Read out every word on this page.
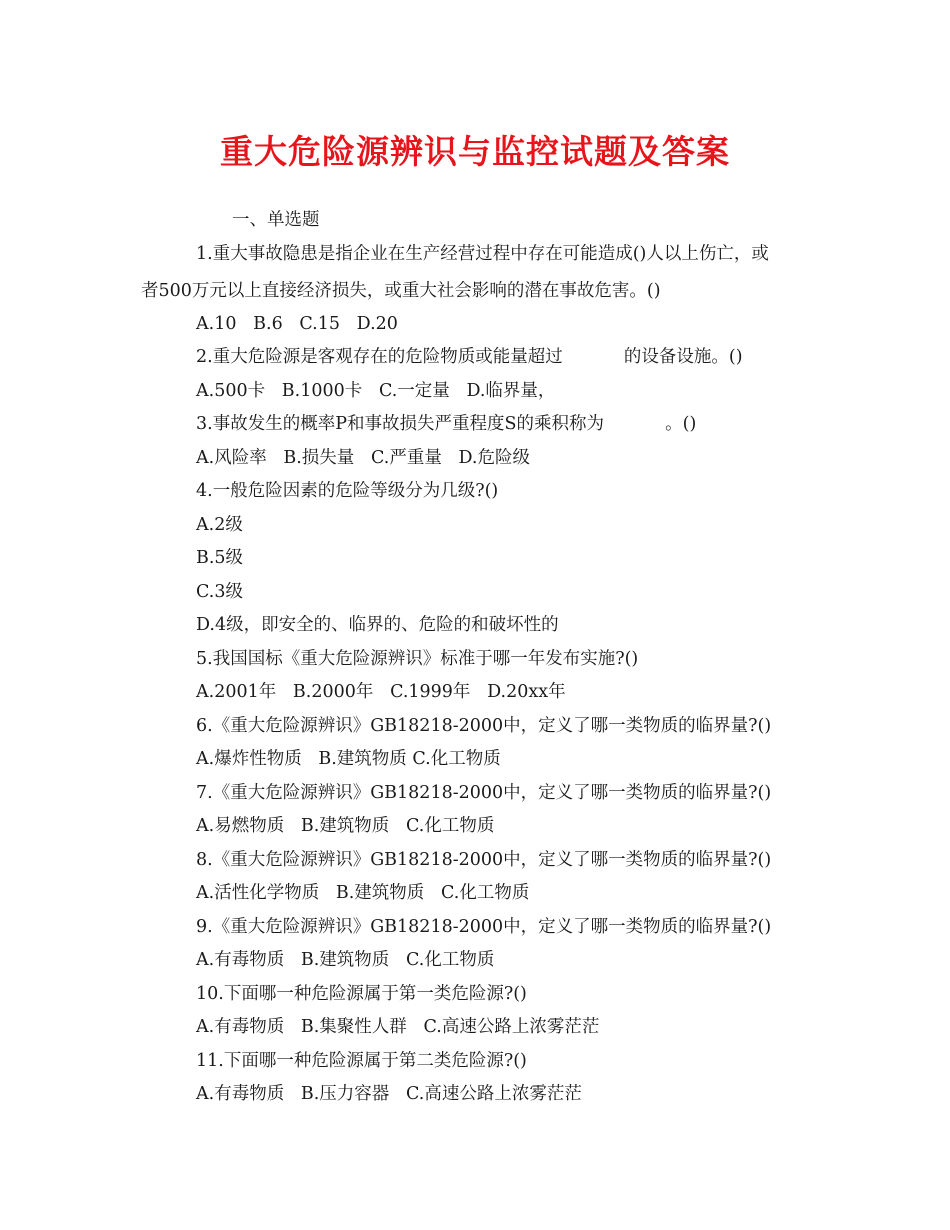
重大危险源辨识与监控试题及答案
一、单选题
1.重大事故隐患是指企业在生产经营过程中存在可能造成()人以上伤亡，或
者500万元以上直接经济损失，或重大社会影响的潜在事故危害。()
A.10   B.6   C.15   D.20
2.重大危险源是客观存在的危险物质或能量超过           的设备设施。()
A.500卡   B.1000卡   C.一定量   D.临界量，
3.事故发生的概率P和事故损失严重程度S的乘积称为           。()
A.风险率   B.损失量   C.严重量   D.危险级
4.一般危险因素的危险等级分为几级?()
A.2级
B.5级
C.3级
D.4级，即安全的、临界的、危险的和破坏性的
5.我国国标《重大危险源辨识》标准于哪一年发布实施?()
A.2001年   B.2000年   C.1999年   D.20xx年
6.《重大危险源辨识》GB18218-2000中，定义了哪一类物质的临界量?()
A.爆炸性物质   B.建筑物质 C.化工物质
7.《重大危险源辨识》GB18218-2000中，定义了哪一类物质的临界量?()
A.易燃物质   B.建筑物质   C.化工物质
8.《重大危险源辨识》GB18218-2000中，定义了哪一类物质的临界量?()
A.活性化学物质   B.建筑物质   C.化工物质
9.《重大危险源辨识》GB18218-2000中，定义了哪一类物质的临界量?()
A.有毒物质   B.建筑物质   C.化工物质
10.下面哪一种危险源属于第一类危险源?()
A.有毒物质   B.集聚性人群   C.高速公路上浓雾茫茫
11.下面哪一种危险源属于第二类危险源?()
A.有毒物质   B.压力容器   C.高速公路上浓雾茫茫
